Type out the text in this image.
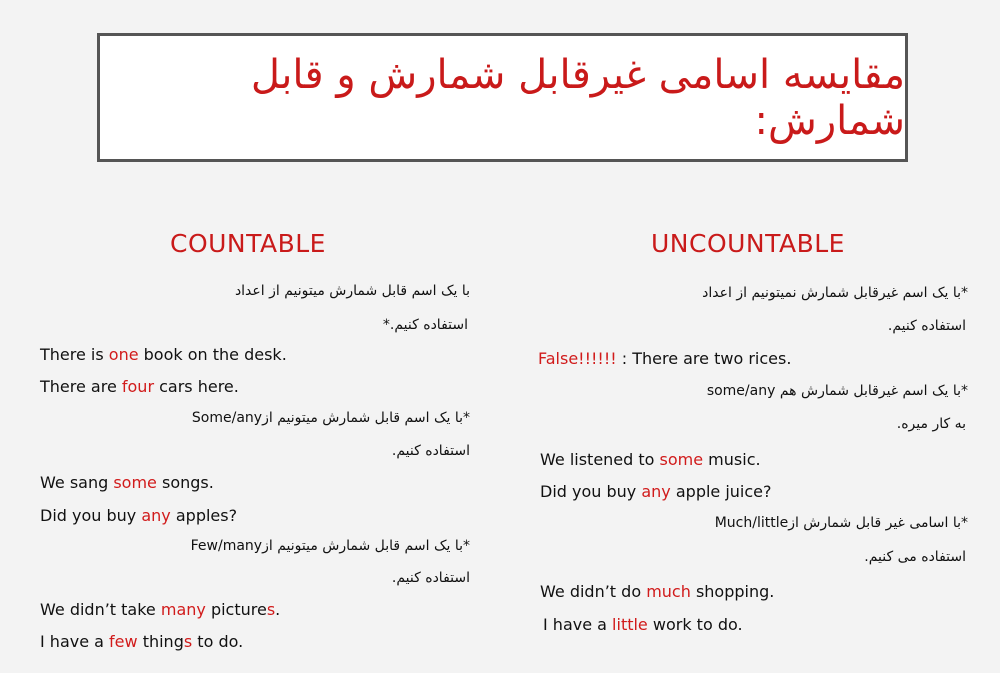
مقایسه اسامی غیرقابل شمارش و قابل شمارش:
COUNTABLE
با یک اسم قابل شمارش میتونیم از اعداد
استفاده کنیم.*
There is one book on the desk.
There are four cars here.
*با یک اسم قابل شمارش میتونیم ازSome/any
استفاده کنیم.
We sang some songs.
Did you buy any apples?
*با یک اسم قابل شمارش میتونیم ازFew/many
استفاده کنیم.
We didn’t take many pictures.
I have a few things to do.
UNCOUNTABLE
*با یک اسم غیرقابل شمارش نمیتونیم از اعداد
استفاده کنیم.
False!!!!!! : There are two rices.
*با یک اسم غیرقابل شمارش هم some/any
به کار میره.
We listened to some music.
Did you buy any apple juice?
*با اسامی غیر قابل شمارش ازMuch/little
استفاده می کنیم.
We didn’t do much shopping.
I have a little work to do.
